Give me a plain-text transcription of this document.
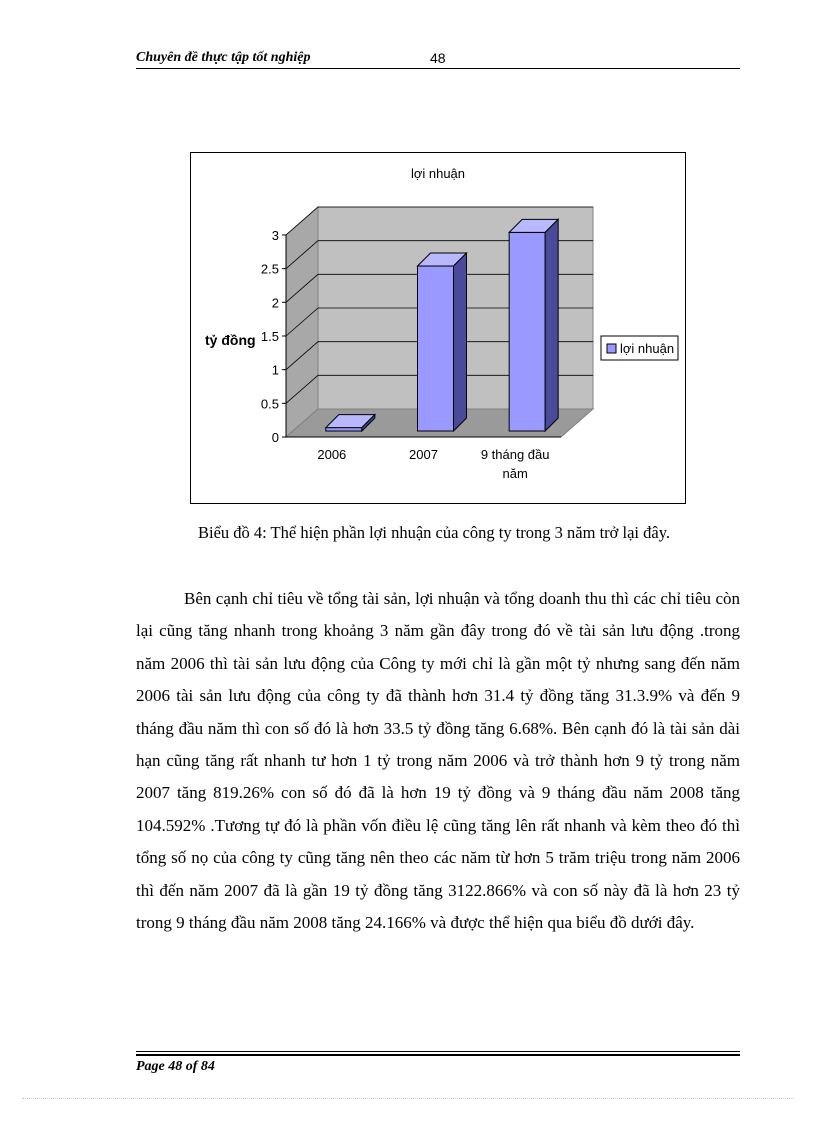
Chuyên đề thực tập tốt nghiệp	48
0
0.5
1
1.5
2
2.5
3
2006	2007	9 tháng đầu
năm
lợi nhuận
tỷ đồng
lợi nhuận
Biểu đồ 4: Thể hiện phần lợi nhuận của công ty trong 3 năm trở lại đây.

Bên cạnh chỉ tiêu về tổng tài sản, lợi nhuận và tổng doanh thu thì các chỉ tiêu còn lại cũng tăng nhanh trong khoảng 3 năm gần đây trong đó về tài sản lưu động .trong năm 2006 thì tài sản lưu động của Công ty mới chỉ là gần một tỷ nhưng sang đến năm 2006 tài sản lưu động của công ty đã thành hơn 31.4 tỷ đồng tăng 31.3.9% và đến 9 tháng đầu năm thì con số đó là hơn 33.5 tỷ đồng tăng 6.68%. Bên cạnh đó là tài sản dài hạn cũng tăng rất nhanh tư hơn 1 tỷ trong năm 2006 và trở thành hơn 9 tỷ trong năm 2007 tăng 819.26% con số đó đã là hơn 19 tỷ đồng và 9 tháng đầu năm 2008 tăng 104.592% .Tương tự đó là phần vốn điều lệ cũng tăng lên rất nhanh và kèm theo đó thì tổng số nọ của công ty cũng tăng nên theo các năm từ hơn 5 trăm triệu trong năm 2006 thì đến năm 2007 đã là gần 19 tỷ đồng tăng 3122.866% và con số này đã là hơn 23 tỷ trong 9 tháng đầu năm 2008 tăng 24.166% và được thể hiện qua biểu đồ dưới đây.

Page 48 of 84
